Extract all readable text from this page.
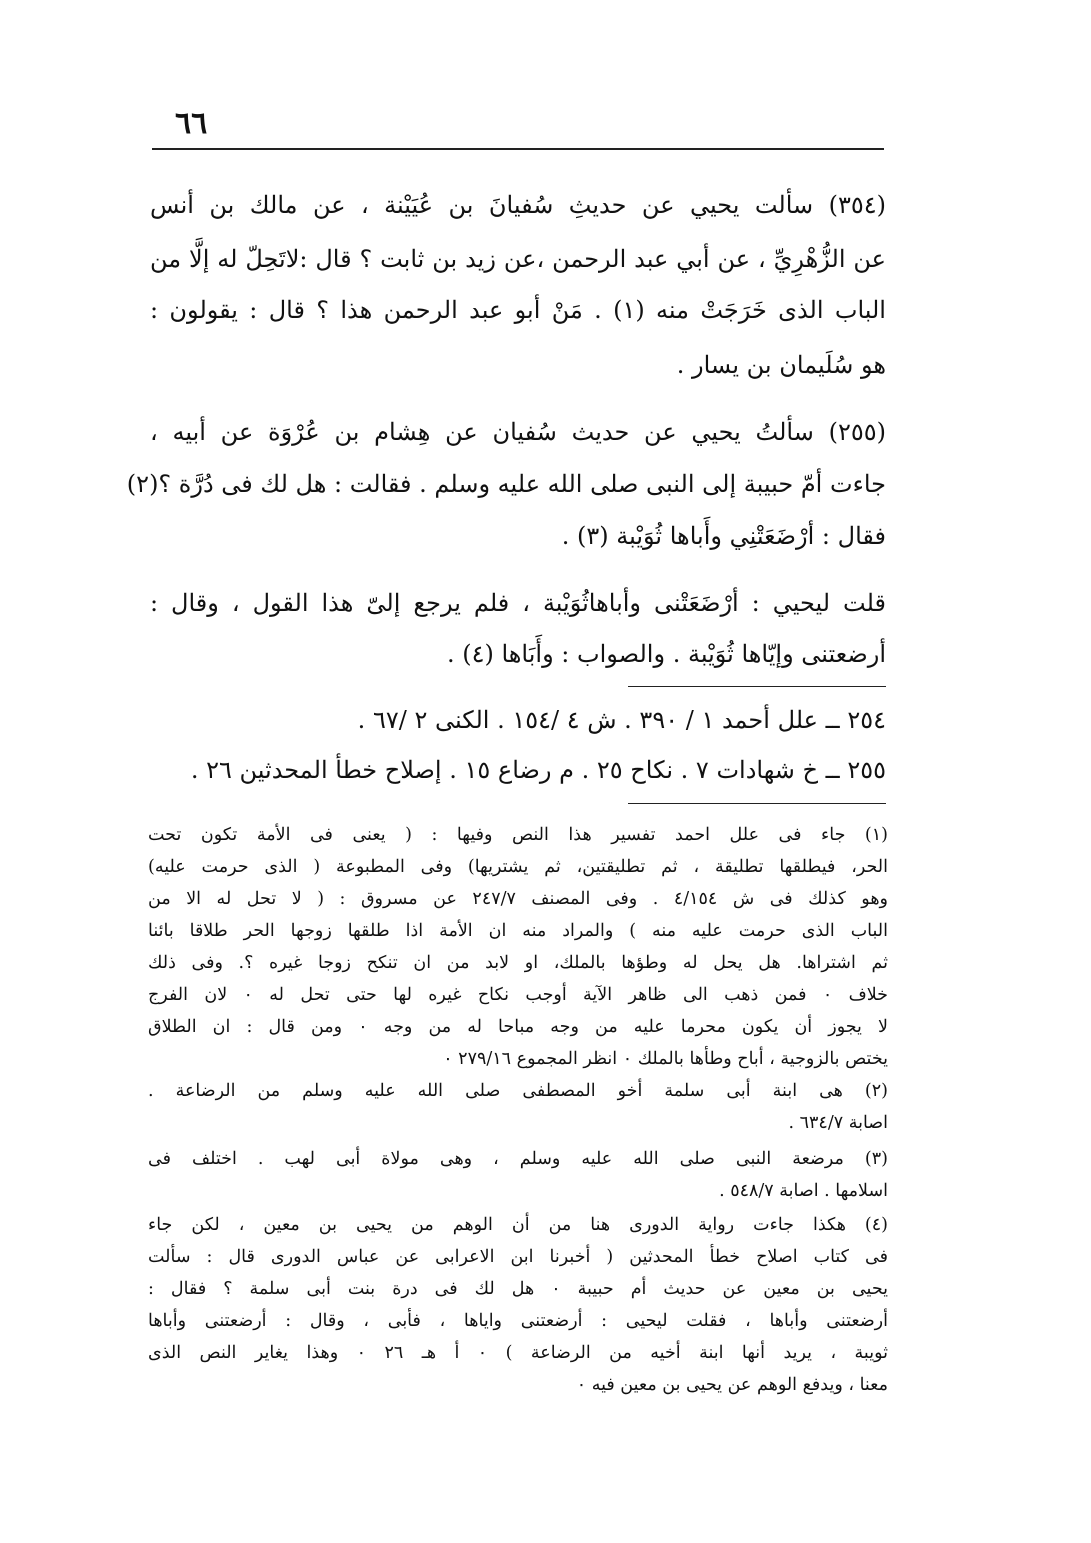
٦٦
(٣٥٤) سألت يحيي عن حديثِ سُفيانَ بن عُيَيْنة ، عن مالك بن أنس
عن الزُّهْرِيِّ ، عن أبي عبد الرحمن ،عن زيد بن ثابت ؟ قال :لاتَحِلّ له إلَّا من
الباب الذى خَرَجَتْ منه (١) . مَنْ أبو عبد الرحمن هذا ؟ قال : يقولون :
هو سُلَيمان بن يسار .
(٢٥٥) سألتُ يحيي عن حديث سُفيان عن هِشام بن عُرْوَة عن أبيه ،
جاءت أمّ حبيبة إلى النبى صلى الله عليه وسلم . فقالت : هل لك فى دُرَّة ؟(٢)
فقال : أرْضَعَتْنِي وأَباها ثُوَيْبة (٣) .
قلت ليحيي : أرْضَعَتْنى وأباهاثُوَيْبة ، فلم يرجع إلىّ هذا القول ، وقال :
أرضعتنى وإيّاها ثُوَيْبة . والصواب : وأَبَاها (٤) .
٢٥٤ ــ علل أحمد ١ / ٣٩٠ . ش ٤ /١٥٤ . الكنى ٢ /٦٧ .
٢٥٥ ــ خ شهادات ٧ . نكاح ٢٥ . م رضاع ١٥ . إصلاح خطأ المحدثين ٢٦ .
(١) جاء فى علل احمد تفسير هذا النص وفيها : ( يعنى فى الأمة تكون تحت
الحر، فيطلقها تطليقة ، ثم تطليقتين، ثم يشتريها) وفى المطبوعة ( الذى حرمت عليه)
وهو كذلك فى ش ٤/١٥٤ . وفى المصنف ٢٤٧/٧ عن مسروق : ( لا تحل له الا من
الباب الذى حرمت عليه منه ) والمراد منه ان الأمة اذا طلقها زوجها الحر طلاقا بائنا
ثم اشتراها. هل يحل له وطؤها بالملك، او لابد من ان تنكح زوجا غيره ؟. وفى ذلك
خلاف ٠ فمن ذهب الى ظاهر الآية أوجب نكاح غيره لها حتى تحل له ٠ لان الفرج
لا يجوز أن يكون محرما عليه من وجه مباحا له من وجه ٠ ومن قال : ان الطلاق
يختص بالزوجية ، أباح وطأها بالملك ٠ انظر المجموع ٢٧٩/١٦ ٠
(٢) هى ابنة أبى سلمة أخو المصطفى صلى الله عليه وسلم من الرضاعة .
اصابة ٦٣٤/٧ .
(٣) مرضعة النبى صلى الله عليه وسلم ، وهى مولاة أبى لهب . اختلف فى
اسلامها . اصابة ٥٤٨/٧ .
(٤) هكذا جاءت رواية الدورى هنا من أن الوهم من يحيى بن معين ، لكن جاء
فى كتاب اصلاح خطأ المحدثين ( أخبرنا ابن الاعرابى عن عباس الدورى قال : سألت
يحيى بن معين عن حديث أم حبيبة ٠ هل لك فى درة بنت أبى سلمة ؟ فقال :
أرضعتنى وأباها ، فقلت ليحيى : أرضعتنى واياها ، فأبى ، وقال : أرضعتنى وأباها
ثويبة ، يريد أنها ابنة أخيه من الرضاعة ) ٠ أ هـ ٢٦ ٠ وهذا يغاير النص الذى
معنا ، ويدفع الوهم عن يحيى بن معين فيه ٠
